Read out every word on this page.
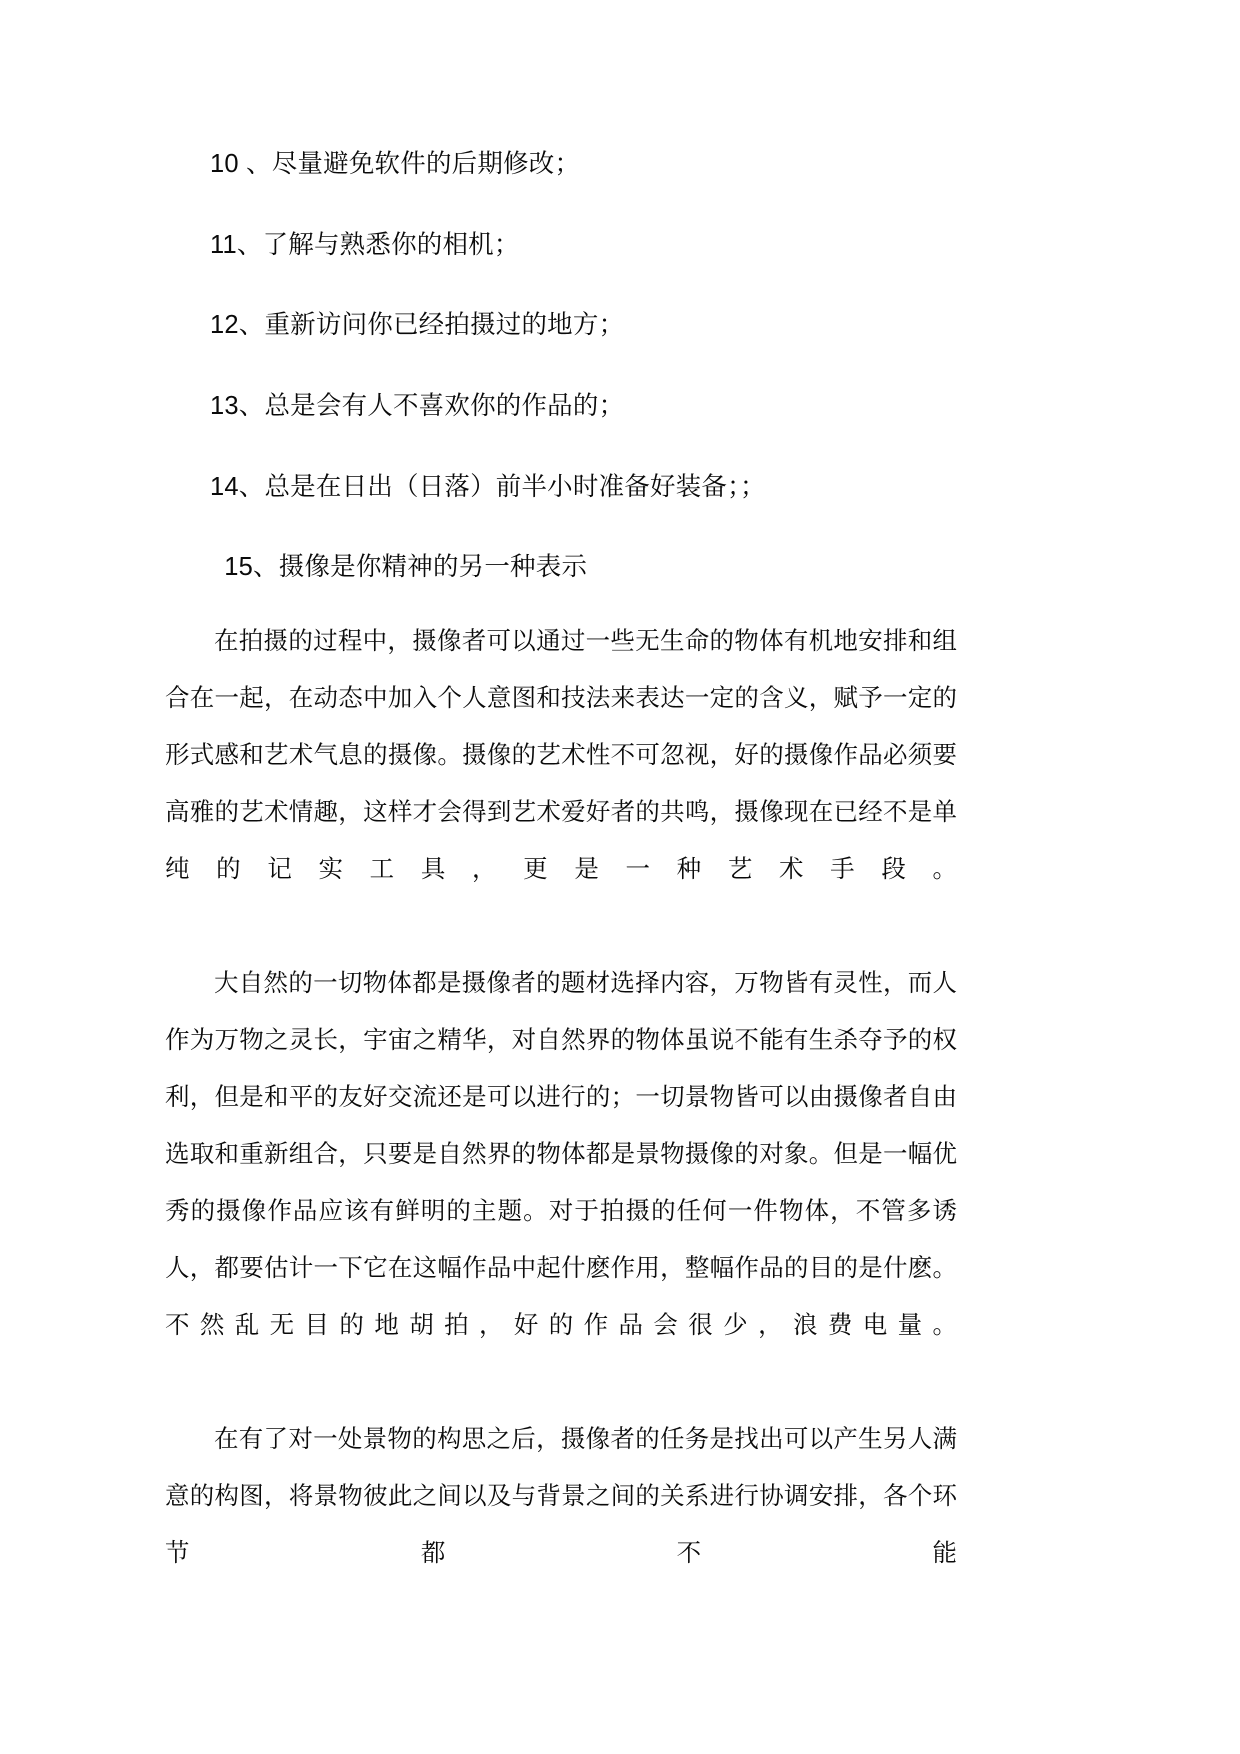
10 、尽量避免软件的后期修改；

11、了解与熟悉你的相机；

12、重新访问你已经拍摄过的地方；

13、总是会有人不喜欢你的作品的；

14、总是在日出（日落）前半小时准备好装备；；

15、摄像是你精神的另一种表示

在拍摄的过程中，摄像者可以通过一些无生命的物体有机地安排和组合在一起，在动态中加入个人意图和技法来表达一定的含义，赋予一定的形式感和艺术气息的摄像。摄像的艺术性不可忽视，好的摄像作品必须要高雅的艺术情趣，这样才会得到艺术爱好者的共鸣，摄像现在已经不是单纯的记实工具，更是一种艺术手段。

大自然的一切物体都是摄像者的题材选择内容，万物皆有灵性，而人作为万物之灵长，宇宙之精华，对自然界的物体虽说不能有生杀夺予的权利，但是和平的友好交流还是可以进行的；一切景物皆可以由摄像者自由选取和重新组合，只要是自然界的物体都是景物摄像的对象。但是一幅优秀的摄像作品应该有鲜明的主题。对于拍摄的任何一件物体，不管多诱人，都要估计一下它在这幅作品中起什麽作用，整幅作品的目的是什麽。不然乱无目的地胡拍，好的作品会很少，浪费电量。

在有了对一处景物的构思之后，摄像者的任务是找出可以产生另人满意的构图，将景物彼此之间以及与背景之间的关系进行协调安排，各个环节都不能
